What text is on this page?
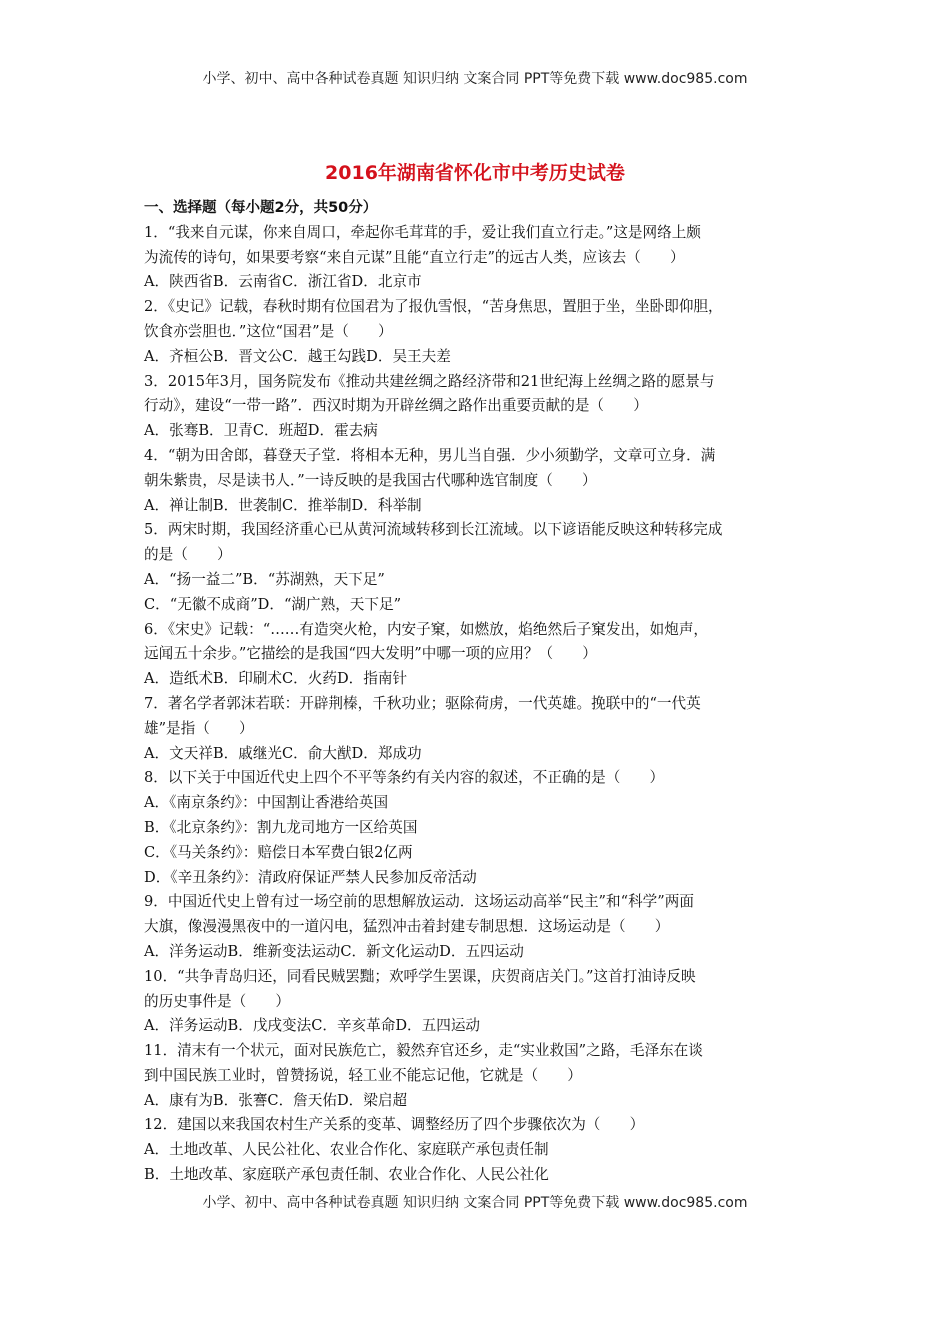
小学、初中、高中各种试卷真题 知识归纳 文案合同 PPT等免费下载 www.doc985.com
2016年湖南省怀化市中考历史试卷
一、选择题（每小题2分，共50分）
1．“我来自元谋，你来自周口，牵起你毛茸茸的手，爱让我们直立行走。”这是网络上颇
为流传的诗句，如果要考察“来自元谋”且能“直立行走”的远古人类，应该去（　　）
A．陕西省B．云南省C．浙江省D．北京市
2．《史记》记载，春秋时期有位国君为了报仇雪恨，“苦身焦思，置胆于坐，坐卧即仰胆，
饮食亦尝胆也．”这位“国君”是（　　）
A．齐桓公B．晋文公C．越王勾践D．吴王夫差
3．2015年3月，国务院发布《推动共建丝绸之路经济带和21世纪海上丝绸之路的愿景与
行动》，建设“一带一路”．西汉时期为开辟丝绸之路作出重要贡献的是（　　）
A．张骞B．卫青C．班超D．霍去病
4．“朝为田舍郎，暮登天子堂．将相本无种，男儿当自强．少小须勤学，文章可立身．满
朝朱紫贵，尽是读书人．”一诗反映的是我国古代哪种选官制度（　　）
A．禅让制B．世袭制C．推举制D．科举制
5．两宋时期，我国经济重心已从黄河流域转移到长江流域。以下谚语能反映这种转移完成
的是（　　）
A．“扬一益二”B．“苏湖熟，天下足”
C．“无徽不成商”D．“湖广熟，天下足”
6．《宋史》记载：“……有造突火枪，内安子窠，如燃放，焰绝然后子窠发出，如炮声，
远闻五十余步。”它描绘的是我国“四大发明”中哪一项的应用？（　　）
A．造纸术B．印刷术C．火药D．指南针
7．著名学者郭沫若联：开辟荆榛，千秋功业；驱除荷虏，一代英雄。挽联中的“一代英
雄”是指（　　）
A．文天祥B．戚继光C．俞大猷D．郑成功
8．以下关于中国近代史上四个不平等条约有关内容的叙述，不正确的是（　　）
A．《南京条约》：中国割让香港给英国
B．《北京条约》：割九龙司地方一区给英国
C．《马关条约》：赔偿日本军费白银2亿两
D．《辛丑条约》：清政府保证严禁人民参加反帝活动
9．中国近代史上曾有过一场空前的思想解放运动．这场运动高举“民主”和“科学”两面
大旗，像漫漫黑夜中的一道闪电，猛烈冲击着封建专制思想．这场运动是（　　）
A．洋务运动B．维新变法运动C．新文化运动D．五四运动
10．“共争青岛归还，同看民贼罢黜；欢呼学生罢课，庆贺商店关门。”这首打油诗反映
的历史事件是（　　）
A．洋务运动B．戊戌变法C．辛亥革命D．五四运动
11．清末有一个状元，面对民族危亡，毅然弃官还乡，走“实业救国”之路，毛泽东在谈
到中国民族工业时，曾赞扬说，轻工业不能忘记他，它就是（　　）
A．康有为B．张謇C．詹天佑D．梁启超
12．建国以来我国农村生产关系的变革、调整经历了四个步骤依次为（　　）
A．土地改革、人民公社化、农业合作化、家庭联产承包责任制
B．土地改革、家庭联产承包责任制、农业合作化、人民公社化
小学、初中、高中各种试卷真题 知识归纳 文案合同 PPT等免费下载 www.doc985.com
